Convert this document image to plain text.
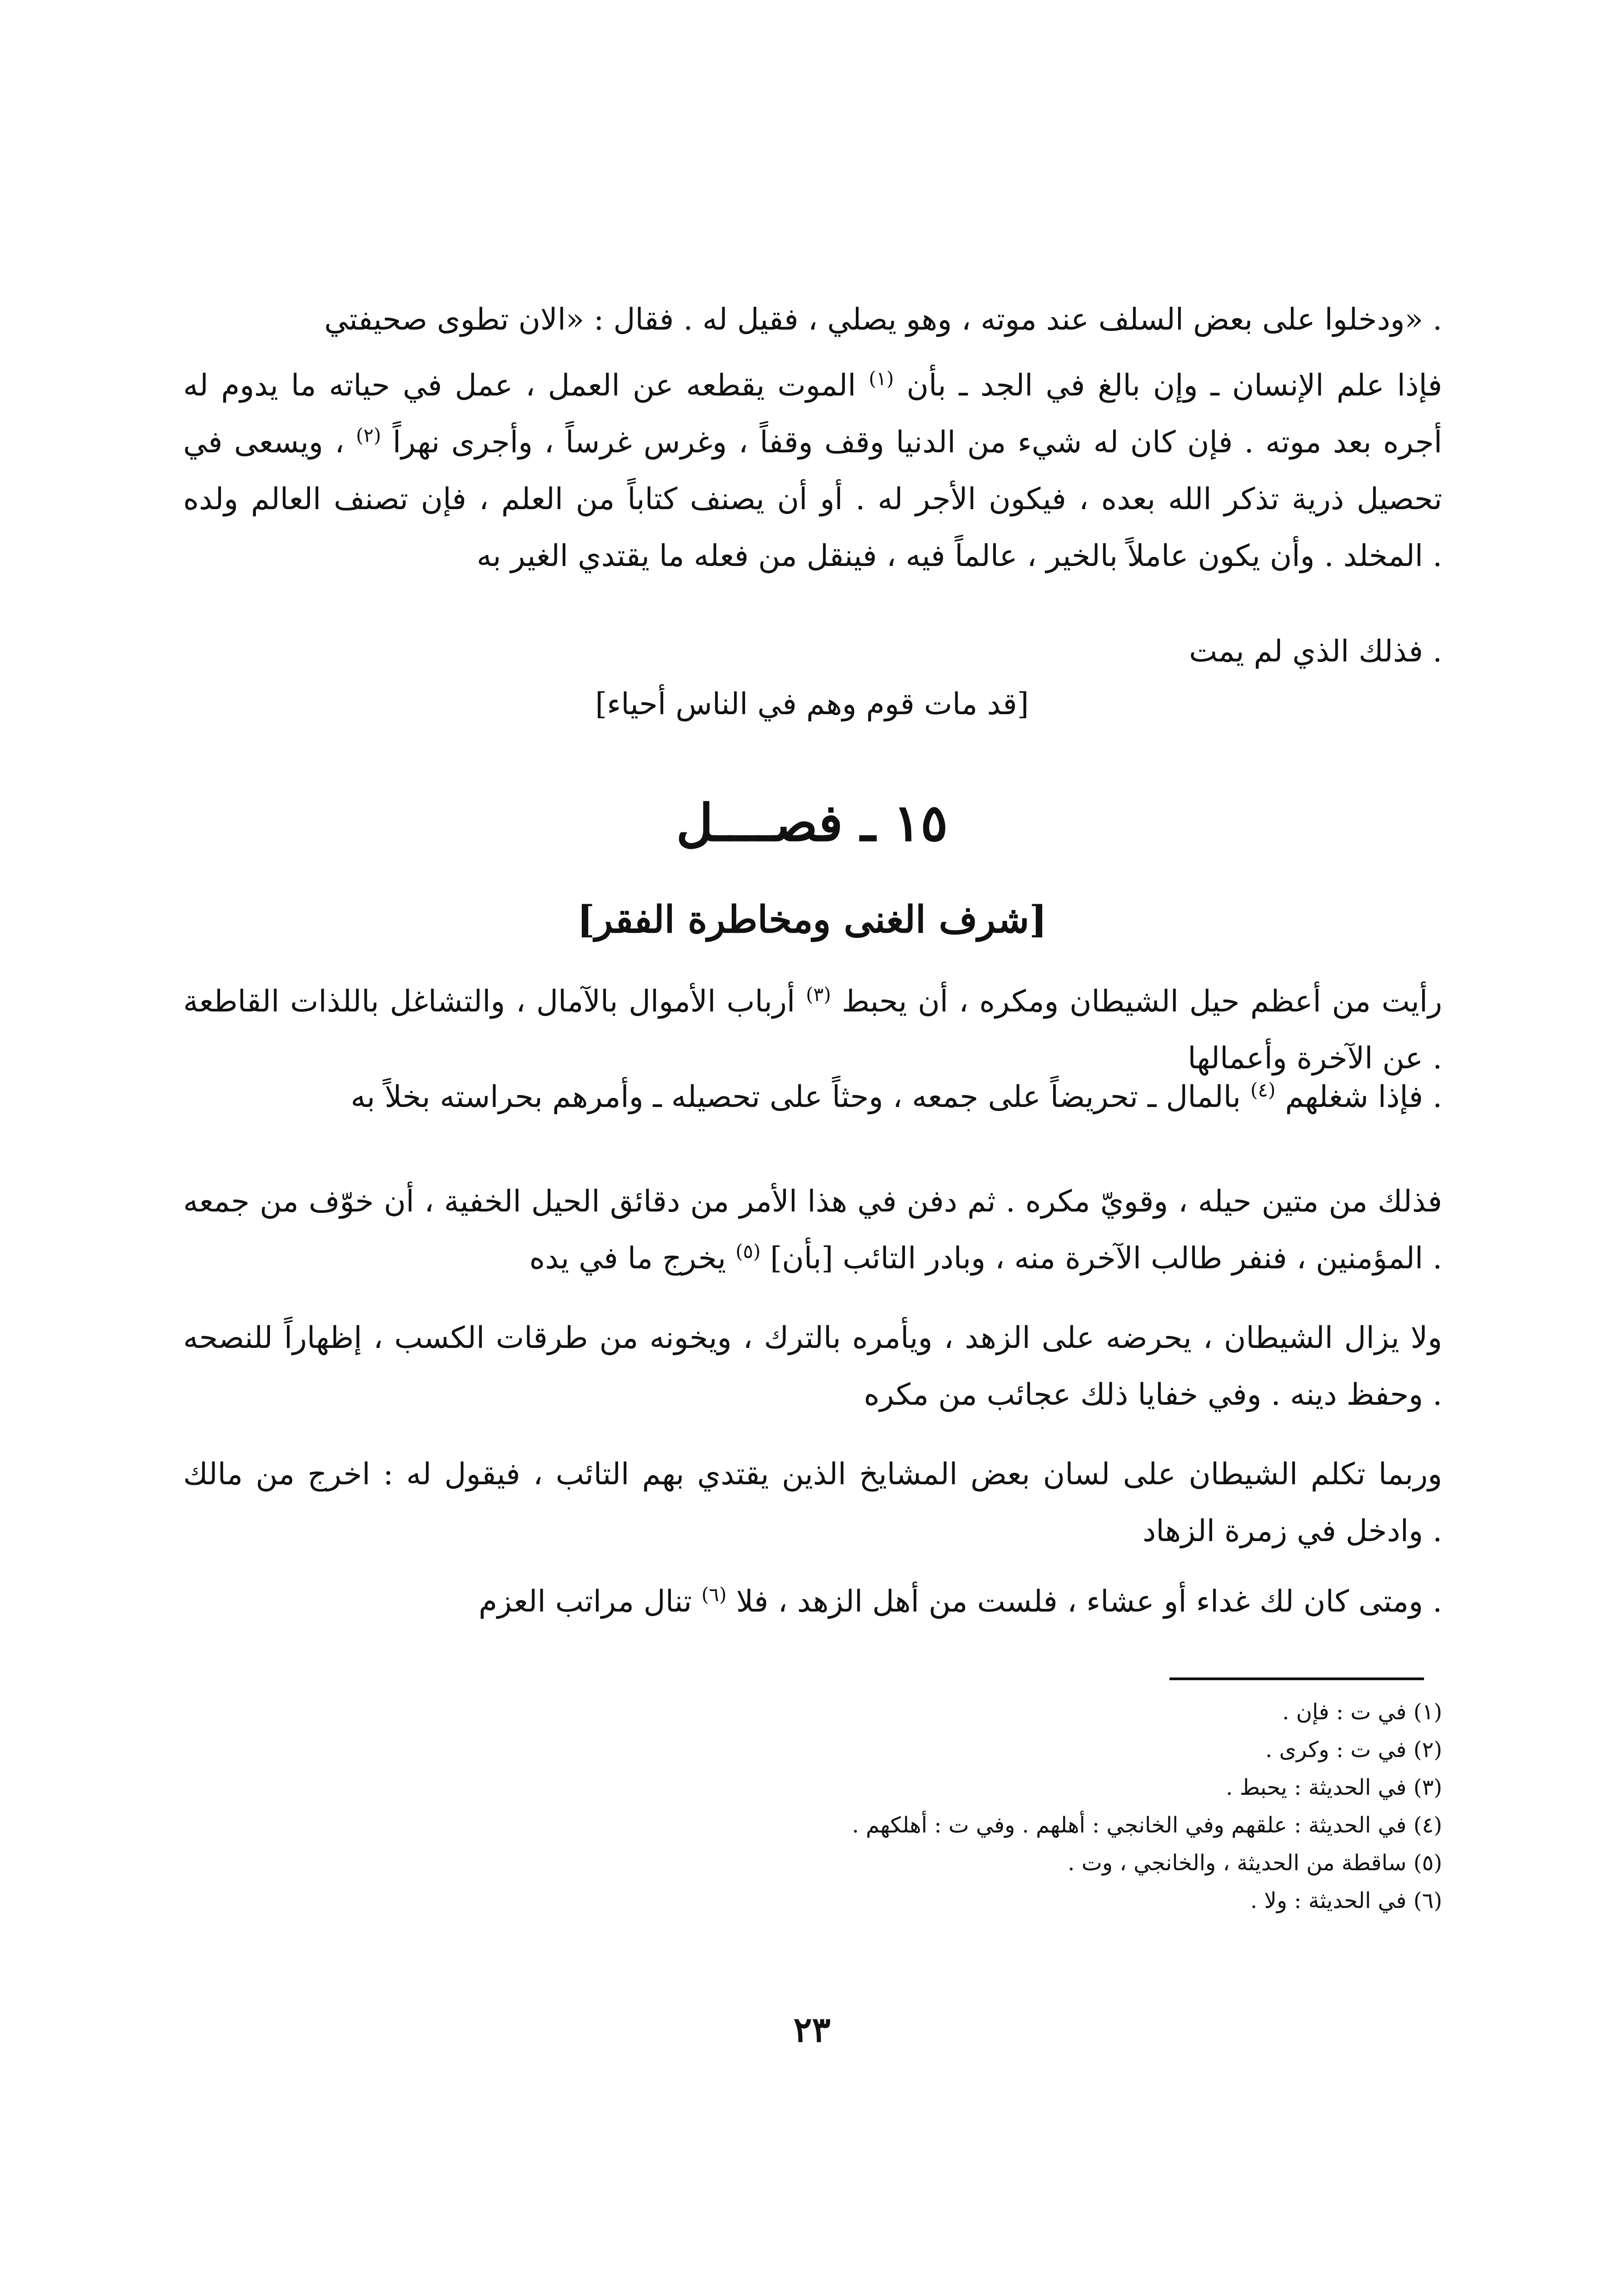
ودخلوا على بعض السلف عند موته ، وهو يصلي ، فقيل له . فقال : «الان تطوى صحيفتي» .
فإذا علم الإنسان ـ وإن بالغ في الجد ـ بأن $^{(١)}$ الموت يقطعه عن العمل ، عمل في حياته ما يدوم له أجره بعد موته . فإن كان له شيء من الدنيا وقف وقفاً ، وغرس غرساً ، وأجرى نهراً $^{(٢)}$ ، ويسعى في تحصيل ذرية تذكر الله بعده ، فيكون الأجر له . أو أن يصنف كتاباً من العلم ، فإن تصنف العالم ولده المخلد . وأن يكون عاملاً بالخير ، عالماً فيه ، فينقل من فعله ما يقتدي الغير به .
فذلك الذي لم يمت .
[قد مات قوم وهم في الناس أحياء]
١٥ ـ فصــــل
[شرف الغنى ومخاطرة الفقر]
رأيت من أعظم حيل الشيطان ومكره ، أن يحبط $^{(٣)}$ أرباب الأموال بالآمال ، والتشاغل باللذات القاطعة عن الآخرة وأعمالها .
فإذا شغلهم $^{(٤)}$ بالمال ـ تحريضاً على جمعه ، وحثاً على تحصيله ـ وأمرهم بحراسته بخلاً به .
فذلك من متين حيله ، وقويّ مكره . ثم دفن في هذا الأمر من دقائق الحيل الخفية ، أن خوّف من جمعه المؤمنين ، فنفر طالب الآخرة منه ، وبادر التائب [بأن] $^{(٥)}$ يخرج ما في يده .
ولا يزال الشيطان ، يحرضه على الزهد ، ويأمره بالترك ، ويخونه من طرقات الكسب ، إظهاراً للنصحه وحفظ دينه . وفي خفايا ذلك عجائب من مكره .
وربما تكلم الشيطان على لسان بعض المشايخ الذين يقتدي بهم التائب ، فيقول له : اخرج من مالك وادخل في زمرة الزهاد .
ومتى كان لك غداء أو عشاء ، فلست من أهل الزهد ، فلا $^{(٦)}$ تنال مراتب العزم .
(١) في ت : فإن .
(٢) في ت : وكرى .
(٣) في الحديثة : يحبط .
(٤) في الحديثة : علقهم وفي الخانجي : أهلهم . وفي ت : أهلكهم .
(٥) ساقطة من الحديثة ، والخانجي ، وت .
(٦) في الحديثة : ولا .
٢٣
